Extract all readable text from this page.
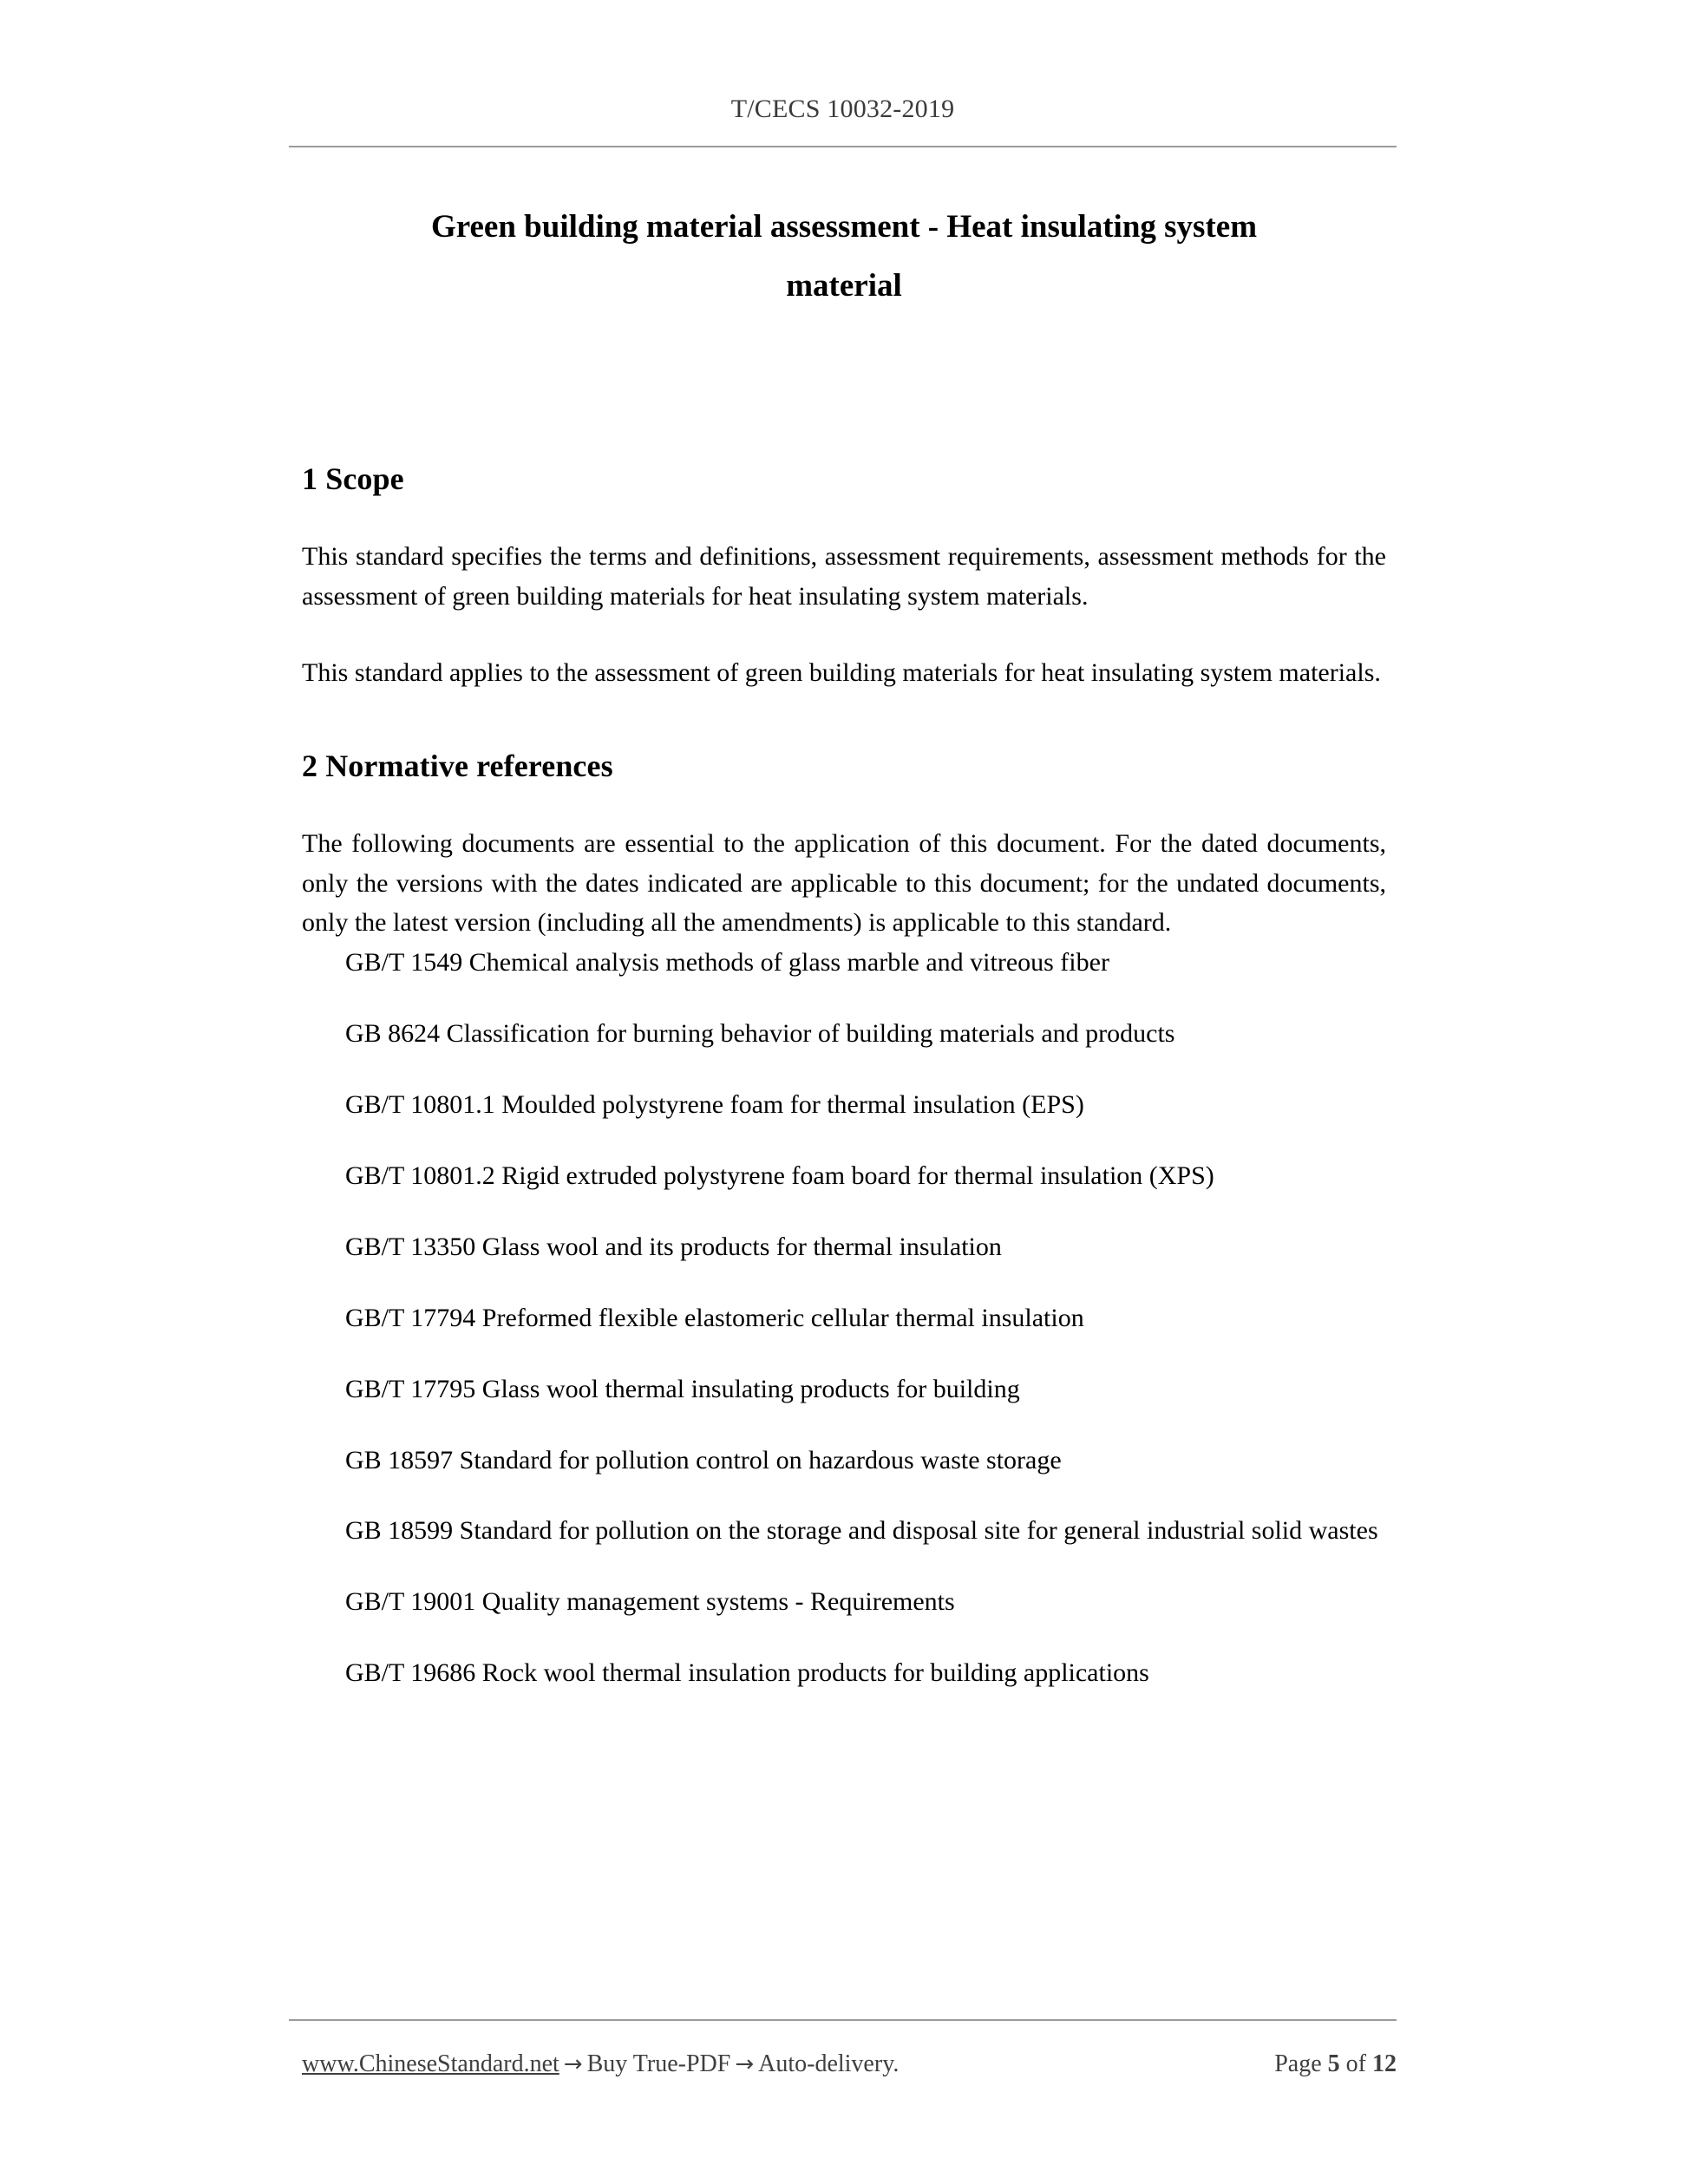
T/CECS 10032-2019
Green building material assessment - Heat insulating system
material
1 Scope

This standard specifies the terms and definitions, assessment requirements, assessment methods for the assessment of green building materials for heat insulating system materials.

This standard applies to the assessment of green building materials for heat insulating system materials.

2 Normative references

The following documents are essential to the application of this document. For the dated documents, only the versions with the dates indicated are applicable to this document; for the undated documents, only the latest version (including all the amendments) is applicable to this standard.

GB/T 1549 Chemical analysis methods of glass marble and vitreous fiber
GB 8624 Classification for burning behavior of building materials and products
GB/T 10801.1 Moulded polystyrene foam for thermal insulation (EPS)
GB/T 10801.2 Rigid extruded polystyrene foam board for thermal insulation (XPS)
GB/T 13350 Glass wool and its products for thermal insulation
GB/T 17794 Preformed flexible elastomeric cellular thermal insulation
GB/T 17795 Glass wool thermal insulating products for building
GB 18597 Standard for pollution control on hazardous waste storage
GB 18599 Standard for pollution on the storage and disposal site for general industrial solid wastes
GB/T 19001 Quality management systems - Requirements
GB/T 19686 Rock wool thermal insulation products for building applications
www.ChineseStandard.net → Buy True-PDF → Auto-delivery.	Page 5 of 12
